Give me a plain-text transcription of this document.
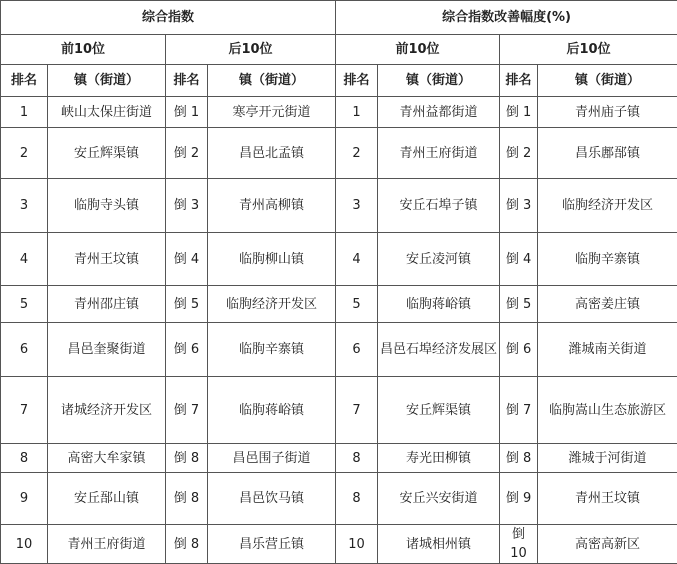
综合指数				综合指数改善幅度(%)			
前10位		后10位		前10位		后10位	
排名	镇（街道）	排名	镇（街道）	排名	镇（街道）	排名	镇（街道）
1	峡山太保庄街道	倒 1	寒亭开元街道	1	青州益都街道	倒 1	青州庙子镇
2	安丘辉渠镇	倒 2	昌邑北孟镇	2	青州王府街道	倒 2	昌乐鄌郚镇
3	临朐寺头镇	倒 3	青州高柳镇	3	安丘石埠子镇	倒 3	临朐经济开发区
4	青州王坟镇	倒 4	临朐柳山镇	4	安丘凌河镇	倒 4	临朐辛寨镇
5	青州邵庄镇	倒 5	临朐经济开发区	5	临朐蒋峪镇	倒 5	高密姜庄镇
6	昌邑奎聚街道	倒 6	临朐辛寨镇	6	昌邑石埠经济发展区	倒 6	潍城南关街道
7	诸城经济开发区	倒 7	临朐蒋峪镇	7	安丘辉渠镇	倒 7	临朐嵩山生态旅游区
8	高密大牟家镇	倒 8	昌邑围子街道	8	寿光田柳镇	倒 8	潍城于河街道
9	安丘郚山镇	倒 8	昌邑饮马镇	8	安丘兴安街道	倒 9	青州王坟镇
10	青州王府街道	倒 8	昌乐营丘镇	10	诸城相州镇	倒 10	高密高新区
